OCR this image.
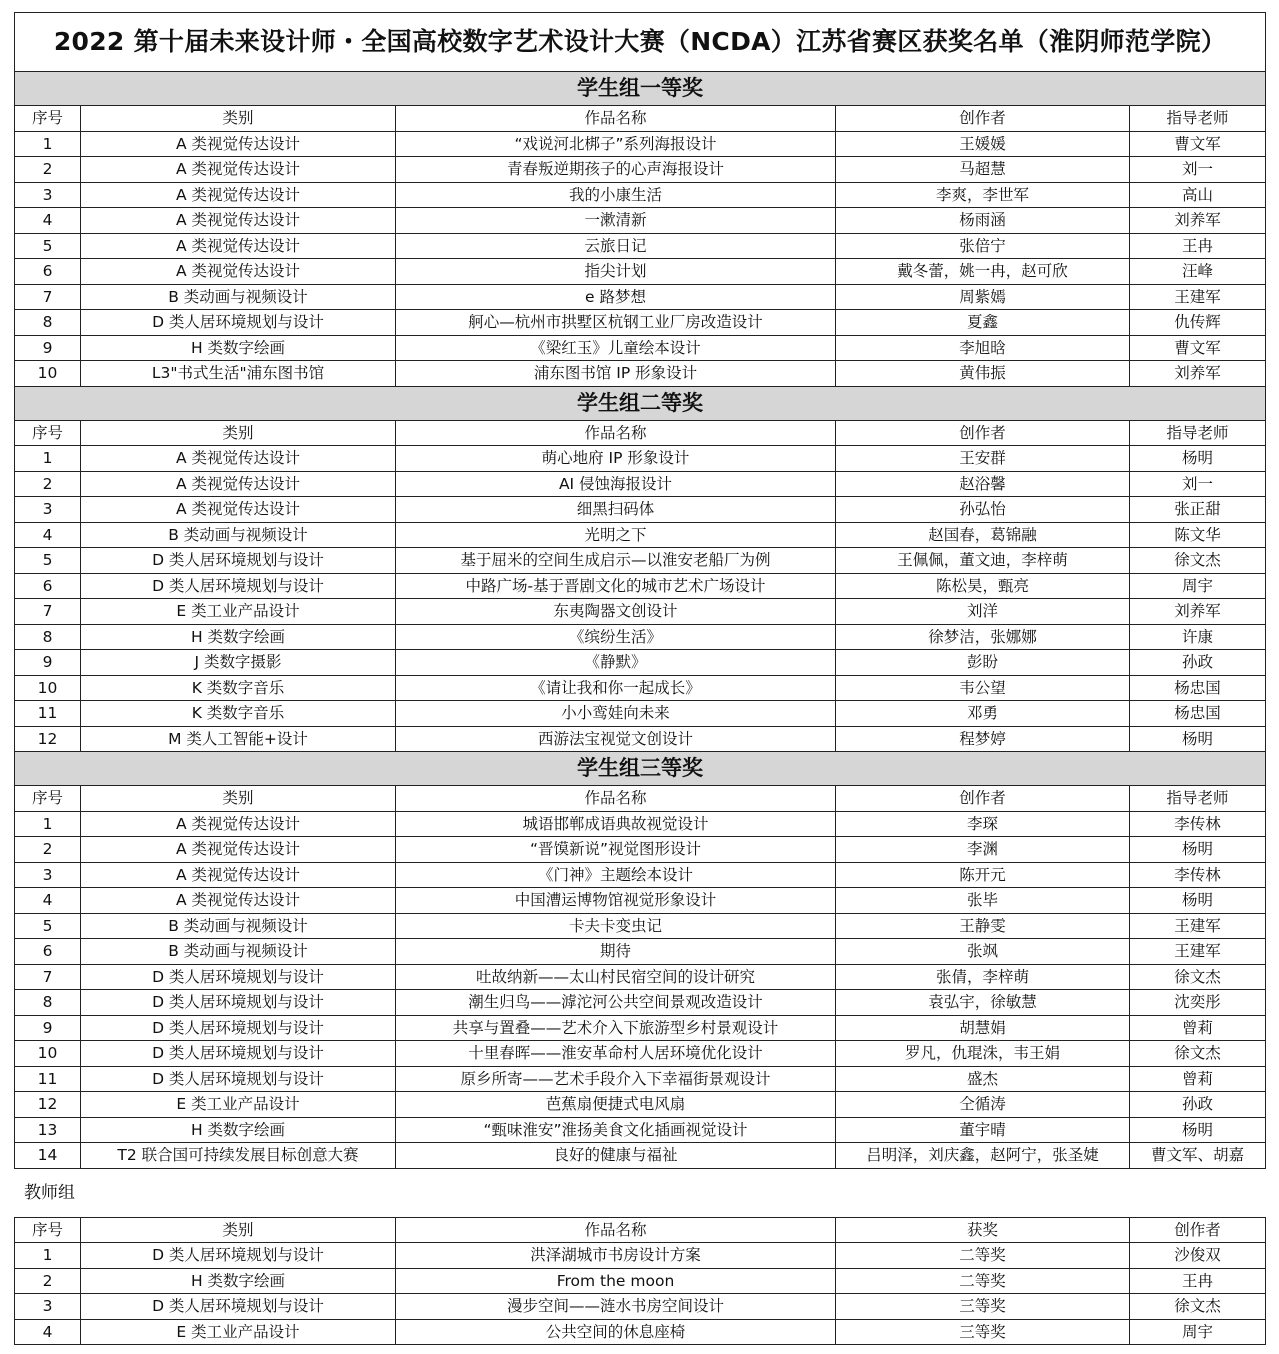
2022 第十届未来设计师・全国高校数字艺术设计大赛（NCDA）江苏省赛区获奖名单（淮阴师范学院）				
学生组一等奖				
序号	类别	作品名称	创作者	指导老师
1	A 类视觉传达设计	“戏说河北梆子”系列海报设计	王媛媛	曹文军
2	A 类视觉传达设计	青春叛逆期孩子的心声海报设计	马超慧	刘一
3	A 类视觉传达设计	我的小康生活	李爽，李世军	高山
4	A 类视觉传达设计	一漱清新	杨雨涵	刘养军
5	A 类视觉传达设计	云旅日记	张倍宁	王冉
6	A 类视觉传达设计	指尖计划	戴冬蕾，姚一冉，赵可欣	汪峰
7	B 类动画与视频设计	e 路梦想	周紫嫣	王建军
8	D 类人居环境规划与设计	舸心—杭州市拱墅区杭钢工业厂房改造设计	夏鑫	仇传辉
9	H 类数字绘画	《梁红玉》儿童绘本设计	李旭晗	曹文军
10	L3"书式生活"浦东图书馆	浦东图书馆 IP 形象设计	黄伟振	刘养军
学生组二等奖				
序号	类别	作品名称	创作者	指导老师
1	A 类视觉传达设计	萌心地府 IP 形象设计	王安群	杨明
2	A 类视觉传达设计	AI 侵蚀海报设计	赵浴馨	刘一
3	A 类视觉传达设计	细黑扫码体	孙弘怡	张正甜
4	B 类动画与视频设计	光明之下	赵国春，葛锦融	陈文华
5	D 类人居环境规划与设计	基于屈米的空间生成启示—以淮安老船厂为例	王佩佩，董文迪，李梓萌	徐文杰
6	D 类人居环境规划与设计	中路广场-基于晋剧文化的城市艺术广场设计	陈松昊，甄亮	周宇
7	E 类工业产品设计	东夷陶器文创设计	刘洋	刘养军
8	H 类数字绘画	《缤纷生活》	徐梦洁，张娜娜	许康
9	J 类数字摄影	《静默》	彭盼	孙政
10	K 类数字音乐	《请让我和你一起成长》	韦公望	杨忠国
11	K 类数字音乐	小小鸾娃向未来	邓勇	杨忠国
12	M 类人工智能+设计	西游法宝视觉文创设计	程梦婷	杨明
学生组三等奖				
序号	类别	作品名称	创作者	指导老师
1	A 类视觉传达设计	城语邯郸成语典故视觉设计	李琛	李传林
2	A 类视觉传达设计	“晋馍新说”视觉图形设计	李渊	杨明
3	A 类视觉传达设计	《门神》主题绘本设计	陈开元	李传林
4	A 类视觉传达设计	中国漕运博物馆视觉形象设计	张毕	杨明
5	B 类动画与视频设计	卡夫卡变虫记	王静雯	王建军
6	B 类动画与视频设计	期待	张飒	王建军
7	D 类人居环境规划与设计	吐故纳新——太山村民宿空间的设计研究	张倩，李梓萌	徐文杰
8	D 类人居环境规划与设计	潮生归鸟——滹沱河公共空间景观改造设计	袁弘宇，徐敏慧	沈奕彤
9	D 类人居环境规划与设计	共享与置叠——艺术介入下旅游型乡村景观设计	胡慧娟	曾莉
10	D 类人居环境规划与设计	十里春晖——淮安革命村人居环境优化设计	罗凡，仇琨洙，韦王娟	徐文杰
11	D 类人居环境规划与设计	原乡所寄——艺术手段介入下幸福街景观设计	盛杰	曾莉
12	E 类工业产品设计	芭蕉扇便捷式电风扇	仝循涛	孙政
13	H 类数字绘画	“甄味淮安”淮扬美食文化插画视觉设计	董宇晴	杨明
14	T2 联合国可持续发展目标创意大赛	良好的健康与福祉	吕明泽，刘庆鑫，赵阿宁，张圣婕	曹文军、胡嘉
教师组
序号	类别	作品名称	获奖	创作者
1	D 类人居环境规划与设计	洪泽湖城市书房设计方案	二等奖	沙俊双
2	H 类数字绘画	From the moon	二等奖	王冉
3	D 类人居环境规划与设计	漫步空间——涟水书房空间设计	三等奖	徐文杰
4	E 类工业产品设计	公共空间的休息座椅	三等奖	周宇
